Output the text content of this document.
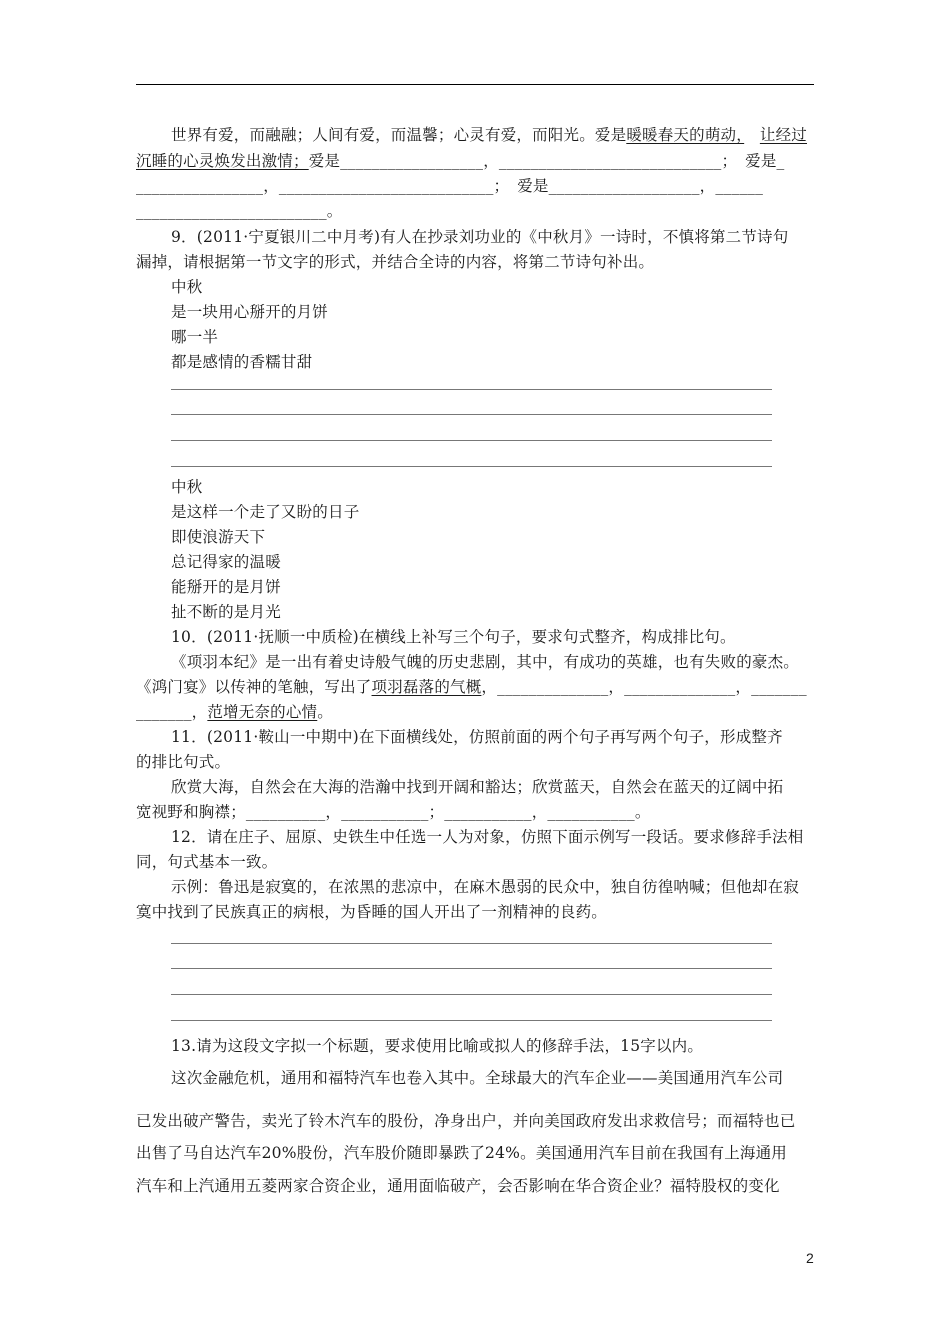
世界有爱，而融融；人间有爱，而温馨；心灵有爱，而阳光。爱是暖暖春天的萌动，　 让经过
沉睡的心灵焕发出激情；爱是__________________，____________________________；　爱是_
________________，___________________________；　爱是___________________，______
________________________。
9．(2011·宁夏银川二中月考)有人在抄录刘功业的《中秋月》一诗时，不慎将第二节诗句
漏掉，请根据第一节文字的形式，并结合全诗的内容，将第二节诗句补出。
中秋
是一块用心掰开的月饼
哪一半
都是感情的香糯甘甜
中秋
是这样一个走了又盼的日子
即使浪游天下
总记得家的温暖
能掰开的是月饼
扯不断的是月光
10．(2011·抚顺一中质检)在横线上补写三个句子，要求句式整齐，构成排比句。
《项羽本纪》是一出有着史诗般气魄的历史悲剧，其中，有成功的英雄，也有失败的豪杰。
《鸿门宴》以传神的笔触，写出了项羽磊落的气概，______________，______________，_______
_______，范增无奈的心情。
11．(2011·鞍山一中期中)在下面横线处，仿照前面的两个句子再写两个句子，形成整齐
的排比句式。
欣赏大海，自然会在大海的浩瀚中找到开阔和豁达；欣赏蓝天，自然会在蓝天的辽阔中拓
宽视野和胸襟；__________，___________；___________，___________。
12．请在庄子、屈原、史铁生中任选一人为对象，仿照下面示例写一段话。要求修辞手法相
同，句式基本一致。
示例：鲁迅是寂寞的，在浓黑的悲凉中，在麻木愚弱的民众中，独自彷徨呐喊；但他却在寂
寞中找到了民族真正的病根，为昏睡的国人开出了一剂精神的良药。
13.请为这段文字拟一个标题，要求使用比喻或拟人的修辞手法，15字以内。
这次金融危机，通用和福特汽车也卷入其中。全球最大的汽车企业——美国通用汽车公司
已发出破产警告，卖光了铃木汽车的股份，净身出户，并向美国政府发出求救信号；而福特也已
出售了马自达汽车20%股份，汽车股价随即暴跌了24%。美国通用汽车目前在我国有上海通用
汽车和上汽通用五菱两家合资企业，通用面临破产，会否影响在华合资企业？福特股权的变化
2
